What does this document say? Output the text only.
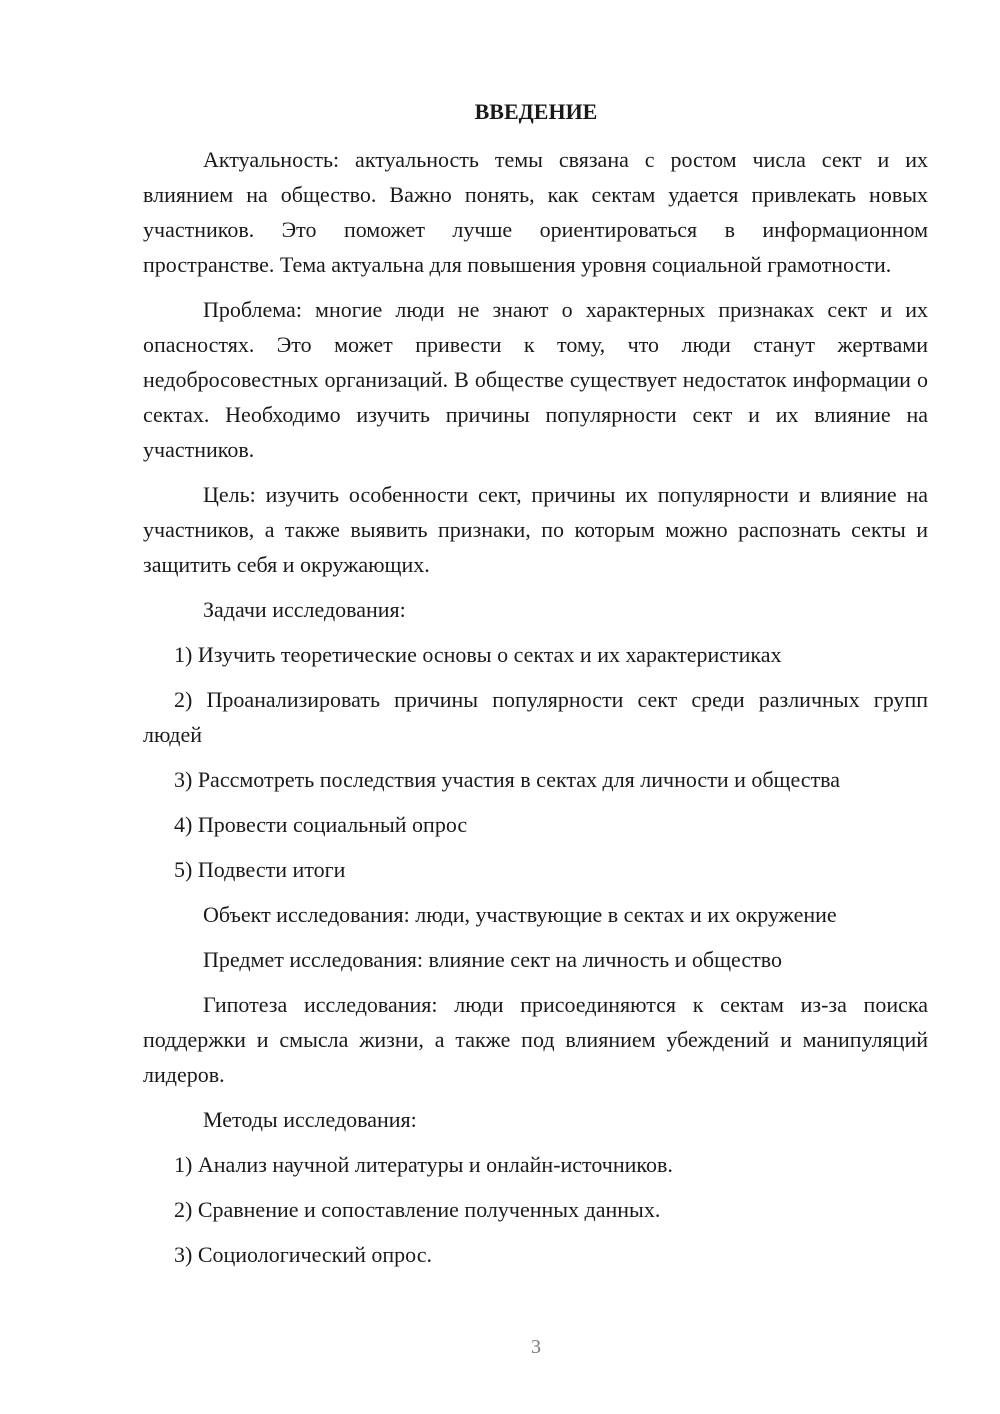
ВВЕДЕНИЕ

Актуальность: актуальность темы связана с ростом числа сект и их влиянием на общество. Важно понять, как сектам удается привлекать новых участников. Это поможет лучше ориентироваться в информационном пространстве. Тема актуальна для повышения уровня социальной грамотности.

Проблема: многие люди не знают о характерных признаках сект и их опасностях. Это может привести к тому, что люди станут жертвами недобросовестных организаций. В обществе существует недостаток информации о сектах. Необходимо изучить причины популярности сект и их влияние на участников.

Цель: изучить особенности сект, причины их популярности и влияние на участников, а также выявить признаки, по которым можно распознать секты и защитить себя и окружающих.

Задачи исследования:

1) Изучить теоретические основы о сектах и их характеристиках

2) Проанализировать причины популярности сект среди различных групп людей

3) Рассмотреть последствия участия в сектах для личности и общества

4) Провести социальный опрос

5) Подвести итоги

Объект исследования: люди, участвующие в сектах и их окружение

Предмет исследования: влияние сект на личность и общество

Гипотеза исследования: люди присоединяются к сектам из-за поиска поддержки и смысла жизни, а также под влиянием убеждений и манипуляций лидеров.

Методы исследования:

1) Анализ научной литературы и онлайн-источников.

2) Сравнение и сопоставление полученных данных.

3) Социологический опрос.

3
